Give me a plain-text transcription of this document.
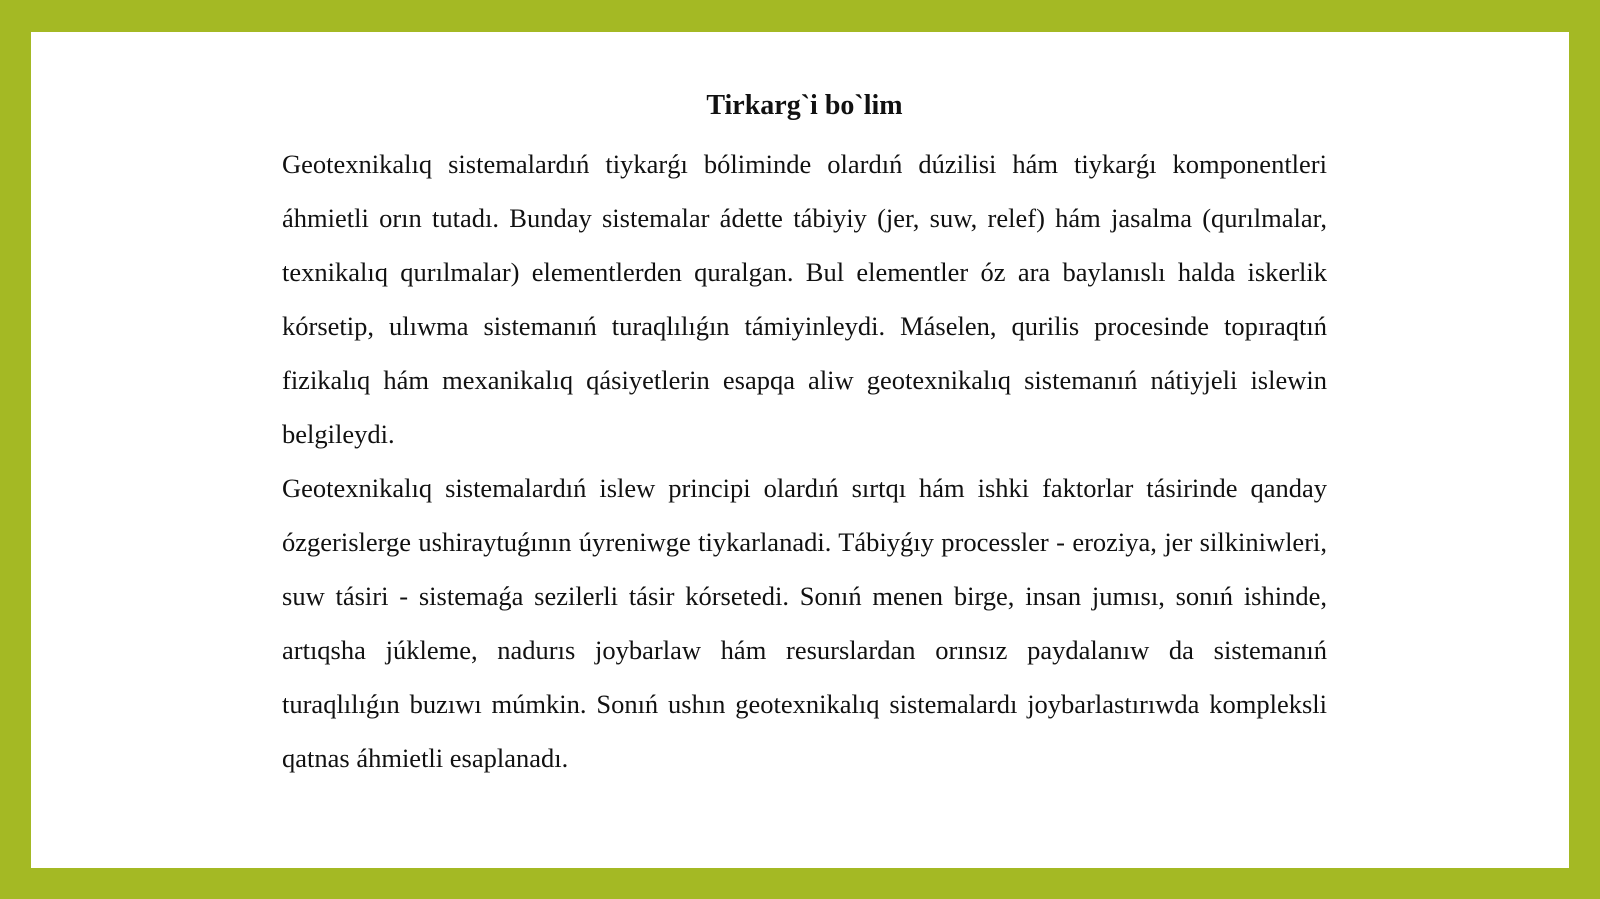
Tirkarg`i bo`lim

Geotexnikalıq sistemalardıń tiykarǵı bóliminde olardıń dúzilisi hám tiykarǵı komponentleri áhmietli orın tutadı. Bunday sistemalar ádette tábiyiy (jer, suw, relef) hám jasalma (qurılmalar, texnikalıq qurılmalar) elementlerden quralgan. Bul elementler óz ara baylanıslı halda iskerlik kórsetip, ulıwma sistemanıń turaqlılıǵın támiyinleydi. Máselen, qurilis procesinde topıraqtıń fizikalıq hám mexanikalıq qásiyetlerin esapqa aliw geotexnikalıq sistemanıń nátiyjeli islewin belgileydi.

Geotexnikalıq sistemalardıń islew principi olardıń sırtqı hám ishki faktorlar tásirinde qanday ózgerislerge ushiraytuǵının úyreniwge tiykarlanadi. Tábiyǵıy processler - eroziya, jer silkiniwleri, suw tásiri - sistemaǵa sezilerli tásir kórsetedi. Sonıń menen birge, insan jumısı, sonıń ishinde, artıqsha júkleme, nadurıs joybarlaw hám resurslardan orınsız paydalanıw da sistemanıń turaqlılıǵın buzıwı múmkin. Sonıń ushın geotexnikalıq sistemalardı joybarlastırıwda kompleksli qatnas áhmietli esaplanadı.
